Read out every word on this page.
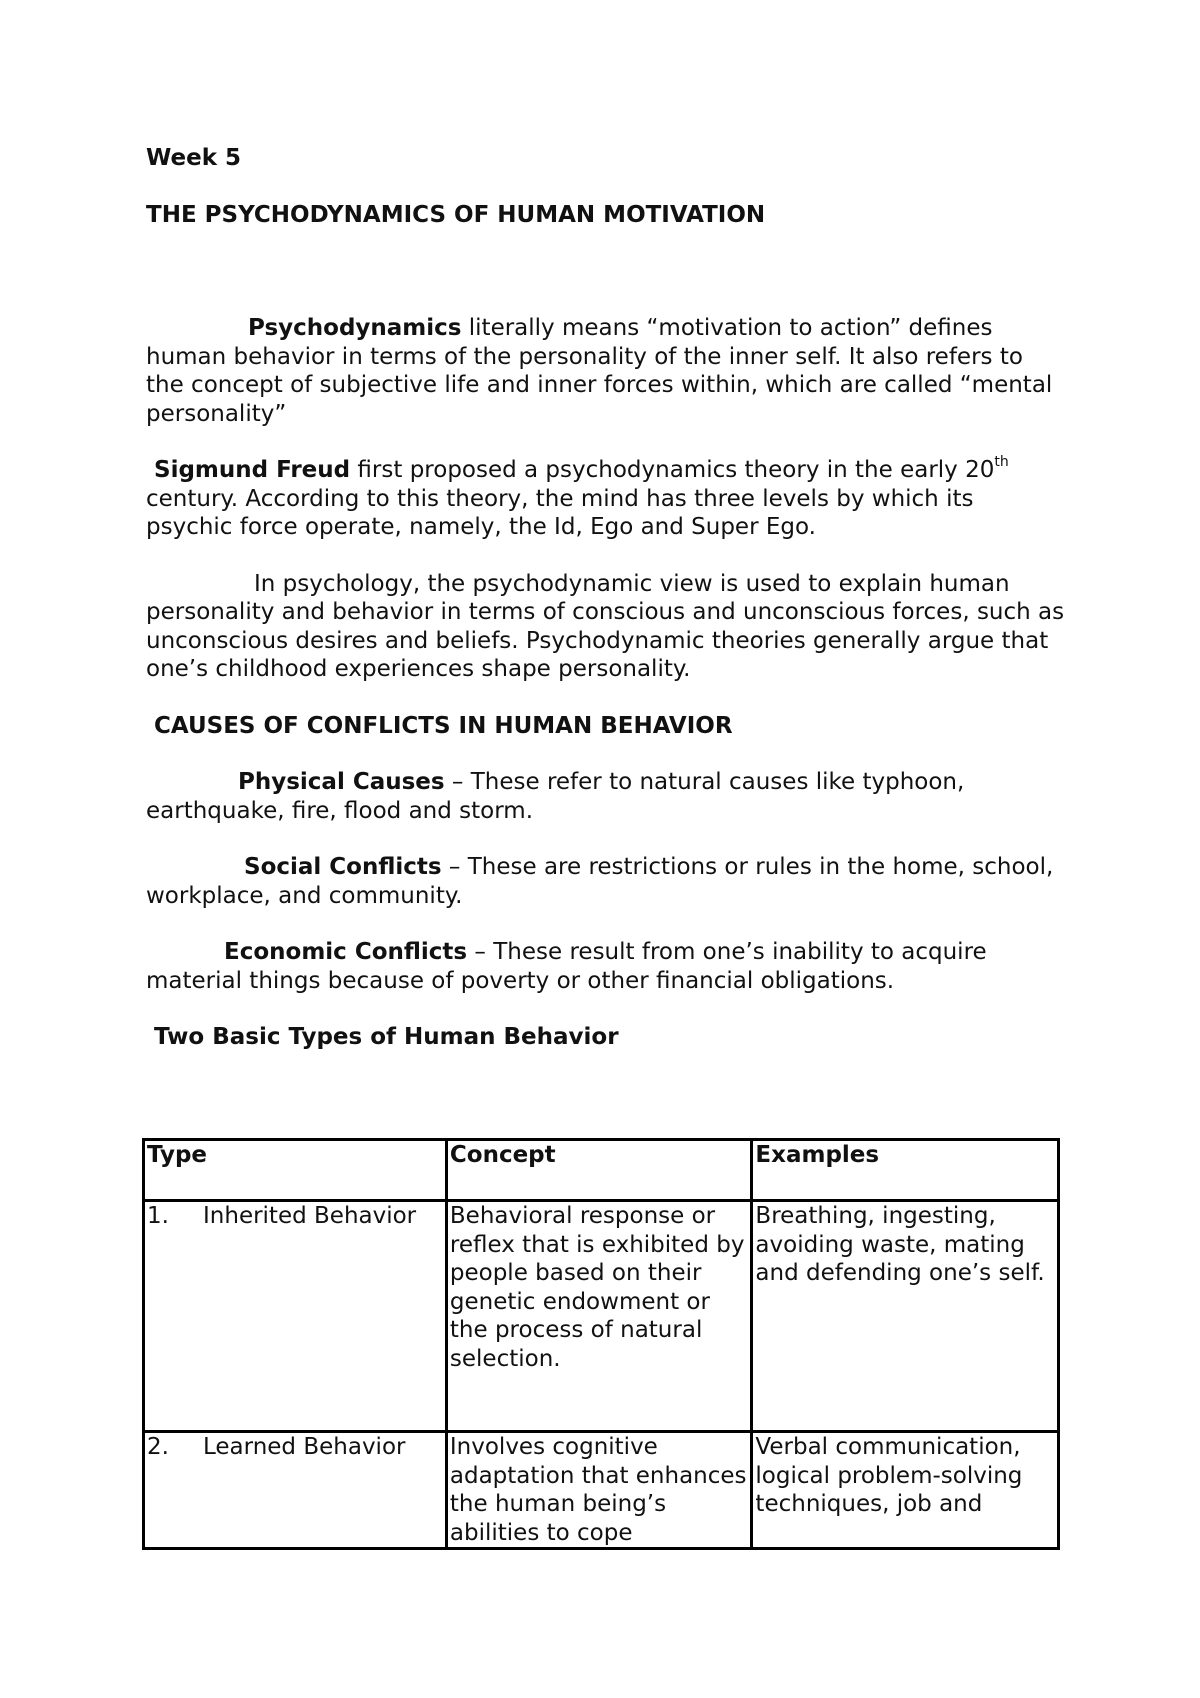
Week 5

THE PSYCHODYNAMICS OF HUMAN MOTIVATION

Psychodynamics literally means “motivation to action” defines human behavior in terms of the personality of the inner self. It also refers to the concept of subjective life and inner forces within, which are called “mental personality”

Sigmund Freud first proposed a psychodynamics theory in the early 20th century. According to this theory, the mind has three levels by which its psychic force operate, namely, the Id, Ego and Super Ego.

In psychology, the psychodynamic view is used to explain human personality and behavior in terms of conscious and unconscious forces, such as unconscious desires and beliefs. Psychodynamic theories generally argue that one’s childhood experiences shape personality.

CAUSES OF CONFLICTS IN HUMAN BEHAVIOR

Physical Causes – These refer to natural causes like typhoon, earthquake, fire, flood and storm.

Social Conflicts – These are restrictions or rules in the home, school, workplace, and community.

Economic Conflicts – These result from one’s inability to acquire material things because of poverty or other financial obligations.

Two Basic Types of Human Behavior

Type	Concept	Examples
1. Inherited Behavior	Behavioral response or reflex that is exhibited by people based on their genetic endowment or the process of natural selection.	Breathing, ingesting, avoiding waste, mating and defending one’s self.
2. Learned Behavior	Involves cognitive adaptation that enhances the human being’s abilities to cope	Verbal communication, logical problem-solving techniques, job and
